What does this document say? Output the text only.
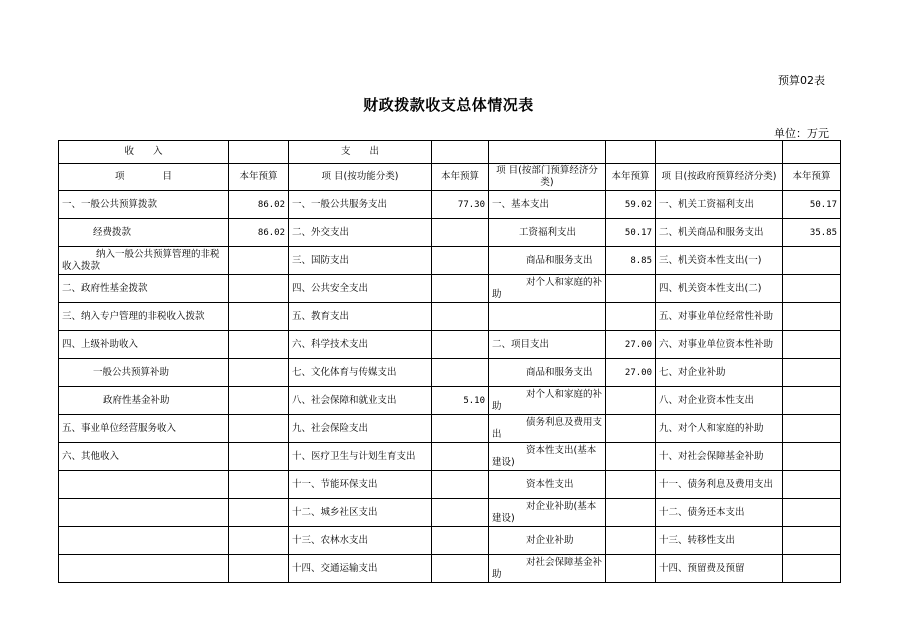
预算02表
财政拨款收支总体情况表
单位：万元
收　　入		支　　出					
项　　　　目	本年预算	项 目(按功能分类)	本年预算	项 目(按部门预算经济分类)	本年预算	项 目(按政府预算经济分类)	本年预算
一、一般公共预算拨款	86.02	一、一般公共服务支出	77.30	一、基本支出	59.02	一、机关工资福利支出	50.17
经费拨款	86.02	二、外交支出		工资福利支出	50.17	二、机关商品和服务支出	35.85
纳入一般公共预算管理的非税收入拨款		三、国防支出		商品和服务支出	8.85	三、机关资本性支出(一)	
二、政府性基金拨款		四、公共安全支出		对个人和家庭的补助		四、机关资本性支出(二)	
三、纳入专户管理的非税收入拨款		五、教育支出				五、对事业单位经常性补助	
四、上级补助收入		六、科学技术支出		二、项目支出	27.00	六、对事业单位资本性补助	
一般公共预算补助		七、文化体育与传媒支出		商品和服务支出	27.00	七、对企业补助	
政府性基金补助		八、社会保障和就业支出	5.10	对个人和家庭的补助		八、对企业资本性支出	
五、事业单位经营服务收入		九、社会保险支出		债务利息及费用支出		九、对个人和家庭的补助	
六、其他收入		十、医疗卫生与计划生育支出		资本性支出(基本建设)		十、对社会保障基金补助	
		十一、节能环保支出		资本性支出		十一、债务利息及费用支出	
		十二、城乡社区支出		对企业补助(基本建设)		十二、债务还本支出	
		十三、农林水支出		对企业补助		十三、转移性支出	
		十四、交通运输支出		对社会保障基金补助		十四、预留费及预留	
